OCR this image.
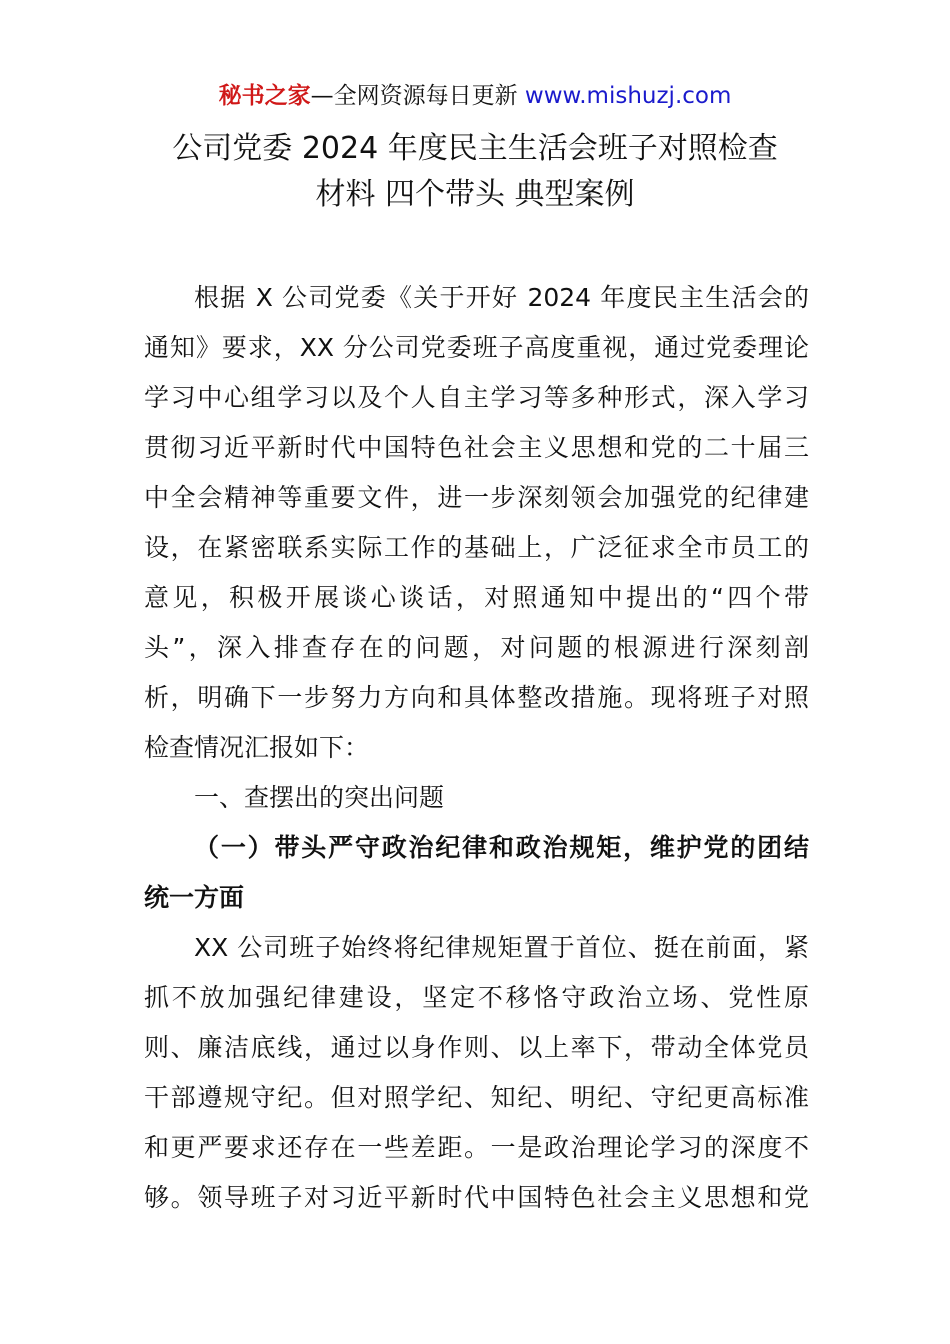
秘书之家—全网资源每日更新 www.mishuzj.com
公司党委 2024 年度民主生活会班子对照检查
材料 四个带头 典型案例
根据 X 公司党委《关于开好 2024 年度民主生活会的
通知》要求，XX 分公司党委班子高度重视，通过党委理论
学习中心组学习以及个人自主学习等多种形式，深入学习
贯彻习近平新时代中国特色社会主义思想和党的二十届三
中全会精神等重要文件，进一步深刻领会加强党的纪律建
设，在紧密联系实际工作的基础上，广泛征求全市员工的
意见，积极开展谈心谈话，对照通知中提出的“四个带
头”，深入排查存在的问题，对问题的根源进行深刻剖
析，明确下一步努力方向和具体整改措施。现将班子对照
检查情况汇报如下：
一、查摆出的突出问题
（一）带头严守政治纪律和政治规矩，维护党的团结
统一方面
XX 公司班子始终将纪律规矩置于首位、挺在前面，紧
抓不放加强纪律建设，坚定不移恪守政治立场、党性原
则、廉洁底线，通过以身作则、以上率下，带动全体党员
干部遵规守纪。但对照学纪、知纪、明纪、守纪更高标准
和更严要求还存在一些差距。一是政治理论学习的深度不
够。领导班子对习近平新时代中国特色社会主义思想和党
